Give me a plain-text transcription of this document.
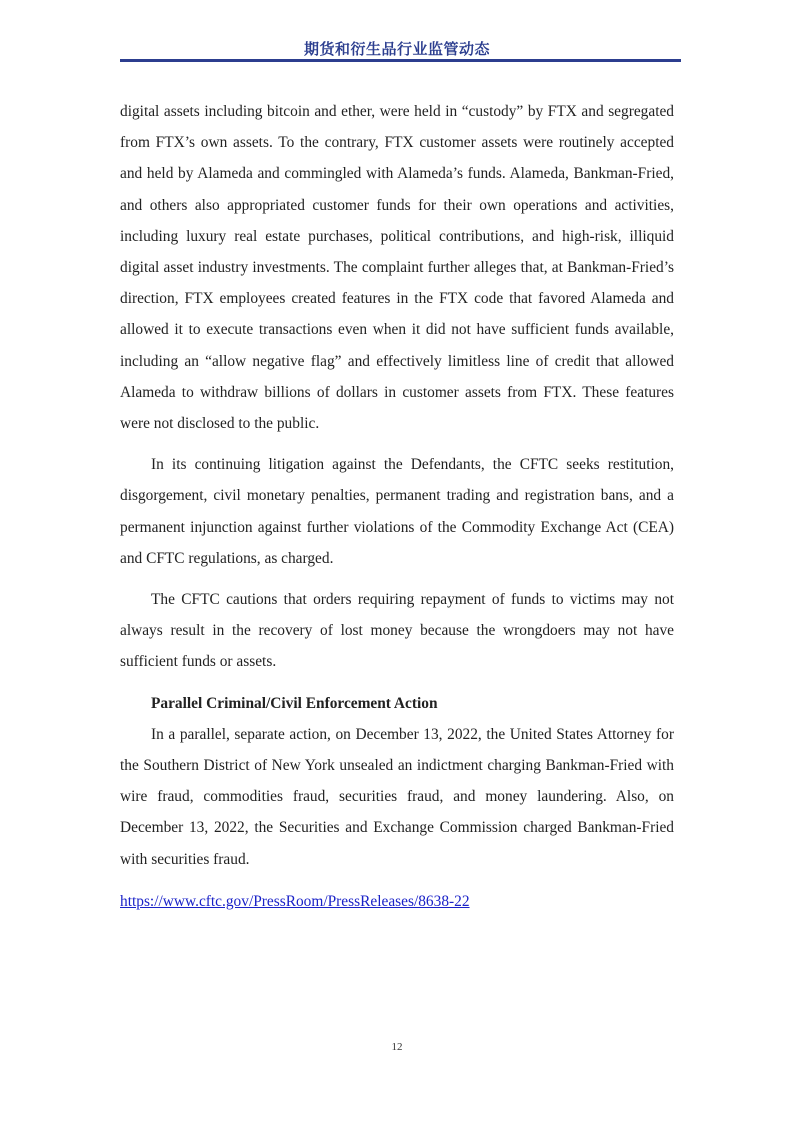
期货和衍生品行业监管动态

digital assets including bitcoin and ether, were held in “custody” by FTX and segregated from FTX’s own assets. To the contrary, FTX customer assets were routinely accepted and held by Alameda and commingled with Alameda’s funds. Alameda, Bankman-Fried, and others also appropriated customer funds for their own operations and activities, including luxury real estate purchases, political contributions, and high-risk, illiquid digital asset industry investments. The complaint further alleges that, at Bankman-Fried’s direction, FTX employees created features in the FTX code that favored Alameda and allowed it to execute transactions even when it did not have sufficient funds available, including an “allow negative flag” and effectively limitless line of credit that allowed Alameda to withdraw billions of dollars in customer assets from FTX. These features were not disclosed to the public.

In its continuing litigation against the Defendants, the CFTC seeks restitution, disgorgement, civil monetary penalties, permanent trading and registration bans, and a permanent injunction against further violations of the Commodity Exchange Act (CEA) and CFTC regulations, as charged.

The CFTC cautions that orders requiring repayment of funds to victims may not always result in the recovery of lost money because the wrongdoers may not have sufficient funds or assets.

Parallel Criminal/Civil Enforcement Action

In a parallel, separate action, on December 13, 2022, the United States Attorney for the Southern District of New York unsealed an indictment charging Bankman-Fried with wire fraud, commodities fraud, securities fraud, and money laundering. Also, on December 13, 2022, the Securities and Exchange Commission charged Bankman-Fried with securities fraud.

https://www.cftc.gov/PressRoom/PressReleases/8638-22
12
